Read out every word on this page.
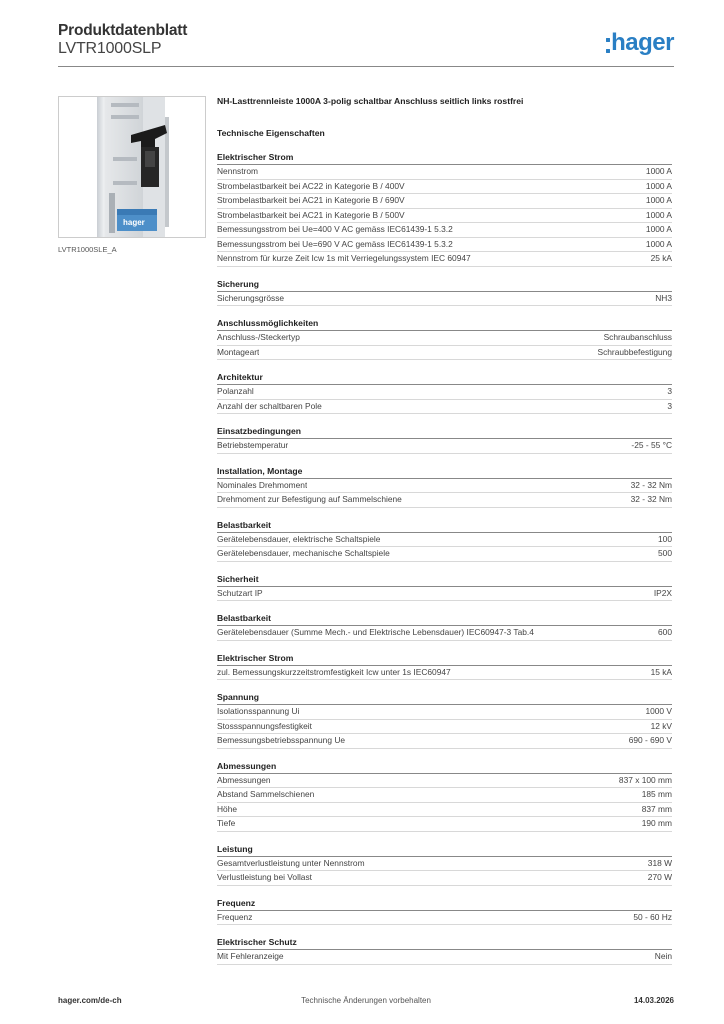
Produktdatenblatt
LVTR1000SLP	hager
hager
LVTR1000SLE_A
NH-Lasttrennleiste 1000A 3-polig schaltbar Anschluss seitlich links rostfrei
Technische Eigenschaften
Elektrischer Strom
Nennstrom	1000 A
Strombelastbarkeit bei AC22 in Kategorie B / 400V	1000 A
Strombelastbarkeit bei AC21 in Kategorie B / 690V	1000 A
Strombelastbarkeit bei AC21 in Kategorie B / 500V	1000 A
Bemessungsstrom bei Ue=400 V AC gemäss IEC61439-1 5.3.2	1000 A
Bemessungsstrom bei Ue=690 V AC gemäss IEC61439-1 5.3.2	1000 A
Nennstrom für kurze Zeit Icw 1s mit Verriegelungssystem IEC 60947	25 kA
Sicherung
Sicherungsgrösse	NH3
Anschlussmöglichkeiten
Anschluss-/Steckertyp	Schraubanschluss
Montageart	Schraubbefestigung
Architektur
Polanzahl	3
Anzahl der schaltbaren Pole	3
Einsatzbedingungen
Betriebstemperatur	-25 - 55 °C
Installation, Montage
Nominales Drehmoment	32 - 32 Nm
Drehmoment zur Befestigung auf Sammelschiene	32 - 32 Nm
Belastbarkeit
Gerätelebensdauer, elektrische Schaltspiele	100
Gerätelebensdauer, mechanische Schaltspiele	500
Sicherheit
Schutzart IP	IP2X
Belastbarkeit
Gerätelebensdauer (Summe Mech.- und Elektrische Lebensdauer) IEC60947-3 Tab.4	600
Elektrischer Strom
zul. Bemessungskurzzeitstromfestigkeit Icw unter 1s IEC60947	15 kA
Spannung
Isolationsspannung Ui	1000 V
Stossspannungsfestigkeit	12 kV
Bemessungsbetriebsspannung Ue	690 - 690 V
Abmessungen
Abmessungen	837 x 100 mm
Abstand Sammelschienen	185 mm
Höhe	837 mm
Tiefe	190 mm
Leistung
Gesamtverlustleistung unter Nennstrom	318 W
Verlustleistung bei Vollast	270 W
Frequenz
Frequenz	50 - 60 Hz
Elektrischer Schutz
Mit Fehleranzeige	Nein
hager.com/de-ch	Technische Änderungen vorbehalten	14.03.2026
